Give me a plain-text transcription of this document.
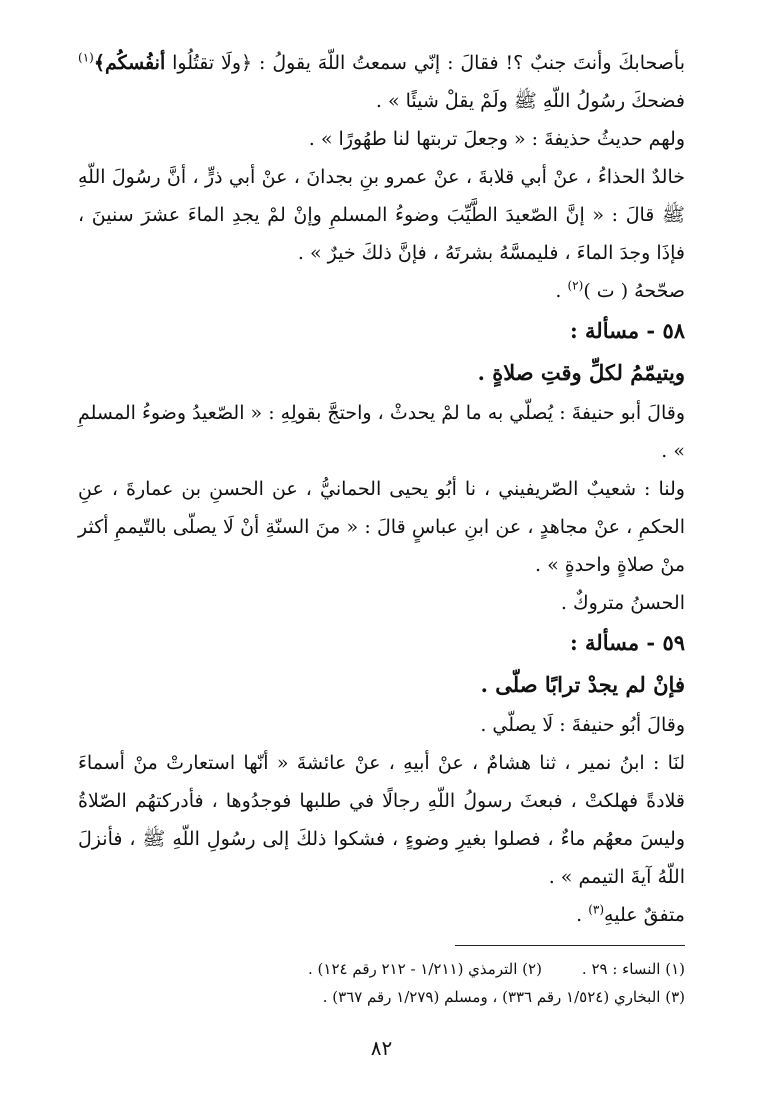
بأصحابكَ وأنتَ جنبٌ ؟! فقالَ : إنّي سمعتُ اللّهَ يقولُ : ﴿ولَا تقتُلُوا أنفُسكُم﴾$^{(١)}$ فضحكَ رسُولُ اللّهِ ﷺ ولَمْ يقلْ شيئًا » .

ولهم حديثُ حذيفةَ : « وجعلَ تربتها لنا طهُورًا » .

خالدٌ الحذاءُ ، عنْ أبي قلابةَ ، عنْ عمرو بنِ بجدانَ ، عنْ أبي ذرٍّ ، أنَّ رسُولَ اللّهِ ﷺ قالَ : « إنَّ الصّعيدَ الطَّيِّبَ وضوءُ المسلمِ وإنْ لمْ يجدِ الماءَ عشرَ سنينَ ، فإذَا وجدَ الماءَ ، فليمسَّهُ بشرتَهُ ، فإنَّ ذلكَ خيرٌ » .

صحّحهُ ( ت )$^{(٢)}$ .

٥٨ - مسألة :

ويتيمّمُ لكلِّ وقتِ صلاةٍ .

وقالَ أبو حنيفةَ : يُصلّي به ما لمْ يحدثْ ، واحتجَّ بقولِهِ : « الصّعيدُ وضوءُ المسلمِ » .

ولنا : شعيبٌ الصّريفيني ، نا أبُو يحيى الحمانيُّ ، عن الحسنِ بن عمارةَ ، عنِ الحكمِ ، عنْ مجاهدٍ ، عن ابنِ عباسٍ قالَ : « منَ السنّةِ أنْ لَا يصلّى بالتّيممِ أكثر منْ صلاةٍ واحدةٍ » .

الحسنُ متروكٌ .

٥٩ - مسألة :

فإنْ لم يجدْ ترابًا صلّى .

وقالَ أبُو حنيفةَ : لَا يصلّي .

لنَا : ابنُ نمير ، ثنا هشامٌ ، عنْ أبيهِ ، عنْ عائشةَ « أنّها استعارتْ منْ أسماءَ قلادةً فهلكتْ ، فبعثَ رسولُ اللّهِ رجالًا في طلبها فوجدُوها ، فأدركتهُم الصّلاةُ وليسَ معهُم ماءٌ ، فصلوا بغيرِ وضوءٍ ، فشكوا ذلكَ إلى رسُولِ اللّهِ ﷺ ، فأنزلَ اللّهُ آيةَ التيمم » .

متفقٌ عليهِ$^{(٣)}$ .

(١) النساء : ٢٩ .
(٢) الترمذي (١/٢١١ - ٢١٢ رقم ١٢٤) .
(٣) البخاري (١/٥٢٤ رقم ٣٣٦) ، ومسلم (١/٢٧٩ رقم ٣٦٧) .
٨٢
